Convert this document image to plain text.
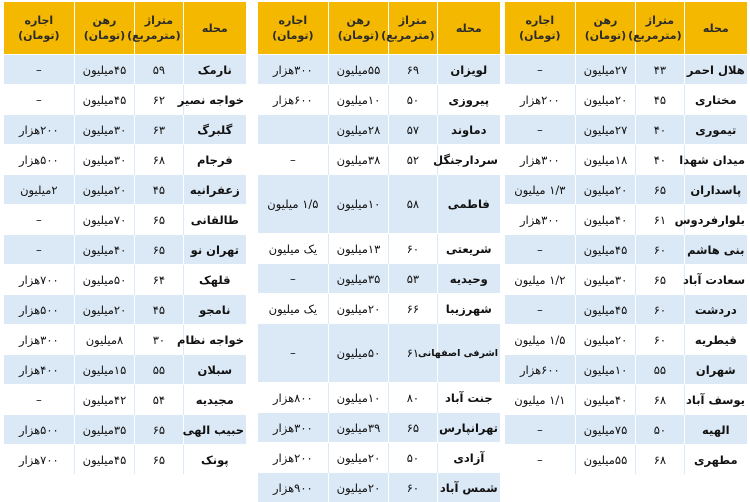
محله	متراژ (مترمربع)	رهن (تومان)	اجاره (تومان)
هلال احمر	۴۳	۲۷میلیون	–
مختاری	۴۵	۲۰میلیون	۲۰۰هزار
تیموری	۴۰	۲۷میلیون	–
میدان شهدا	۴۰	۱۸میلیون	۳۰۰هزار
پاسداران	۶۵	۲۰میلیون	۱/۳ میلیون
بلوارفردوس	۶۱	۴۰میلیون	۳۰۰هزار
بنی هاشم	۶۰	۴۵میلیون	–
سعادت آباد	۶۵	۳۰میلیون	۱/۲ میلیون
دردشت	۶۰	۴۵میلیون	–
قیطریه	۶۰	۲۰میلیون	۱/۵ میلیون
شهران	۵۵	۱۰میلیون	۶۰۰هزار
یوسف آباد	۶۸	۴۰میلیون	۱/۱ میلیون
الهیه	۵۰	۷۵میلیون	–
مطهری	۶۸	۵۵میلیون	–
محله	متراژ (مترمربع)	رهن (تومان)	اجاره (تومان)
لویزان	۶۹	۵۵میلیون	۳۰۰هزار
پیروزی	۵۰	۱۰میلیون	۶۰۰هزار
دماوند	۵۷	۲۸میلیون	
سردارجنگل	۵۲	۳۸میلیون	–
فاطمی	۵۸	۱۰میلیون	۱/۵ میلیون
شریعتی	۶۰	۱۳میلیون	یک میلیون
وحیدیه	۵۳	۳۵میلیون	–
شهرزیبا	۶۶	۲۰میلیون	یک میلیون
اشرفی اصفهانی	۶۱	۵۰میلیون	–
جنت آباد	۸۰	۱۰میلیون	۸۰۰هزار
تهرانپارس	۶۵	۳۹میلیون	۳۰۰هزار
آزادی	۵۰	۲۰میلیون	۲۰۰هزار
شمس آباد	۶۰	۲۰میلیون	۹۰۰هزار
محله	متراژ (مترمربع)	رهن (تومان)	اجاره (تومان)
نارمک	۵۹	۴۵میلیون	–
خواجه نصیر	۶۲	۴۵میلیون	–
گلبرگ	۶۳	۳۰میلیون	۲۰۰هزار
فرجام	۶۸	۳۰میلیون	۵۰۰هزار
زعفرانیه	۴۵	۲۰میلیون	۲میلیون
طالقانی	۶۵	۷۰میلیون	–
تهران نو	۶۵	۴۰میلیون	–
قلهک	۶۴	۵۰میلیون	۷۰۰هزار
نامجو	۴۵	۲۰میلیون	۵۰۰هزار
خواجه نظام	۳۰	۸میلیون	۳۰۰هزار
سبلان	۵۵	۱۵میلیون	۴۰۰هزار
مجیدیه	۵۴	۴۲میلیون	–
حبیب الهی	۶۵	۳۵میلیون	۵۰۰هزار
پونک	۶۵	۴۵میلیون	۷۰۰هزار
